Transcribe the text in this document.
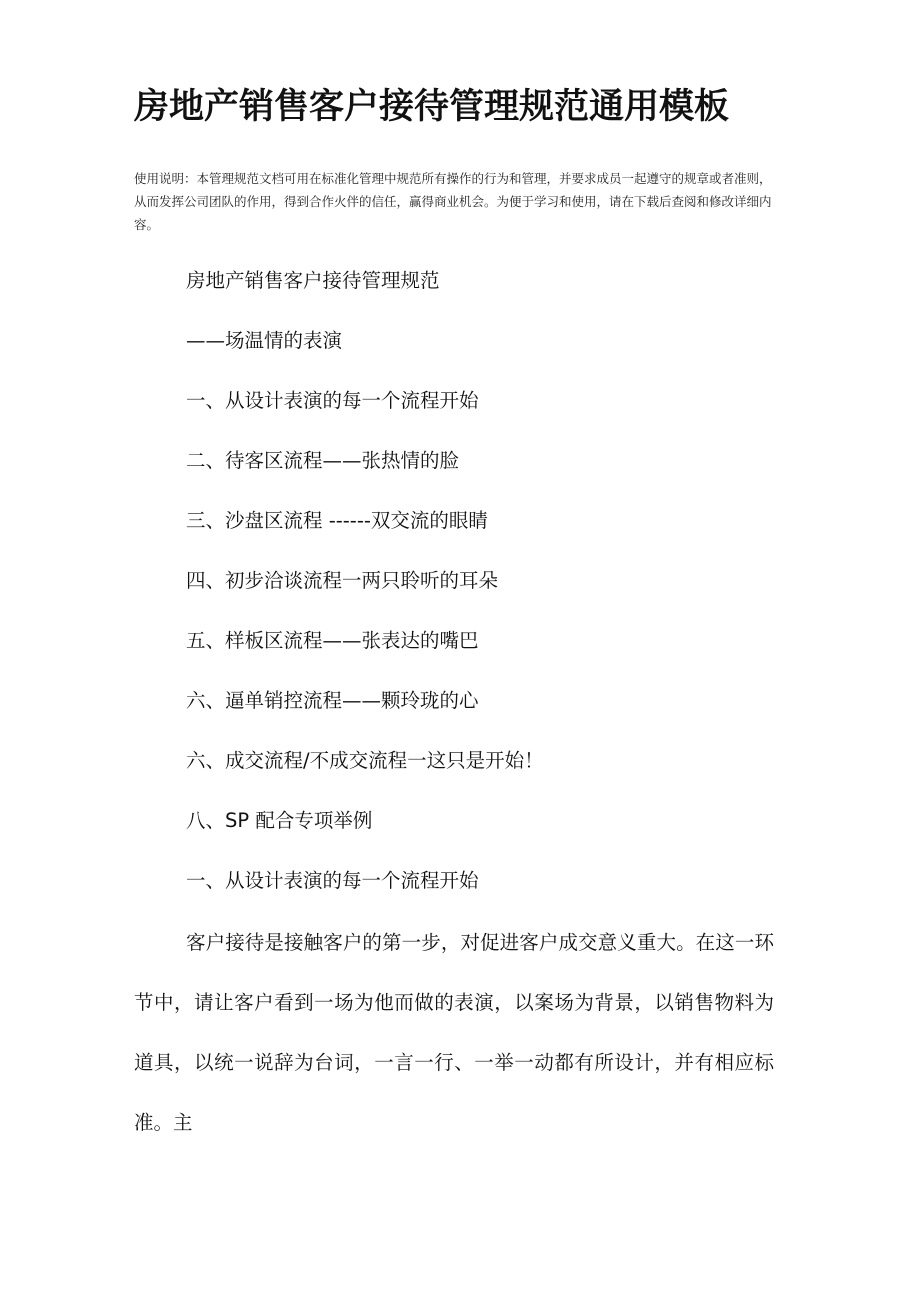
房地产销售客户接待管理规范通用模板
使用说明：本管理规范文档可用在标准化管理中规范所有操作的行为和管理，并要求成员一起遵守的规章或者准则，从而发挥公司团队的作用，得到合作火伴的信任，赢得商业机会。为便于学习和使用，请在下载后查阅和修改详细内容。
房地产销售客户接待管理规范
——场温情的表演
一、从设计表演的每一个流程开始
二、待客区流程——张热情的脸
三、沙盘区流程 ------双交流的眼睛
四、初步洽谈流程一两只聆听的耳朵
五、样板区流程——张表达的嘴巴
六、逼单销控流程——颗玲珑的心
六、成交流程/不成交流程一这只是开始！
八、SP 配合专项举例
一、从设计表演的每一个流程开始

客户接待是接触客户的第一步，对促进客户成交意义重大。在这一环节中，请让客户看到一场为他而做的表演，以案场为背景，以销售物料为道具，以统一说辞为台词，一言一行、一举一动都有所设计，并有相应标准。主
